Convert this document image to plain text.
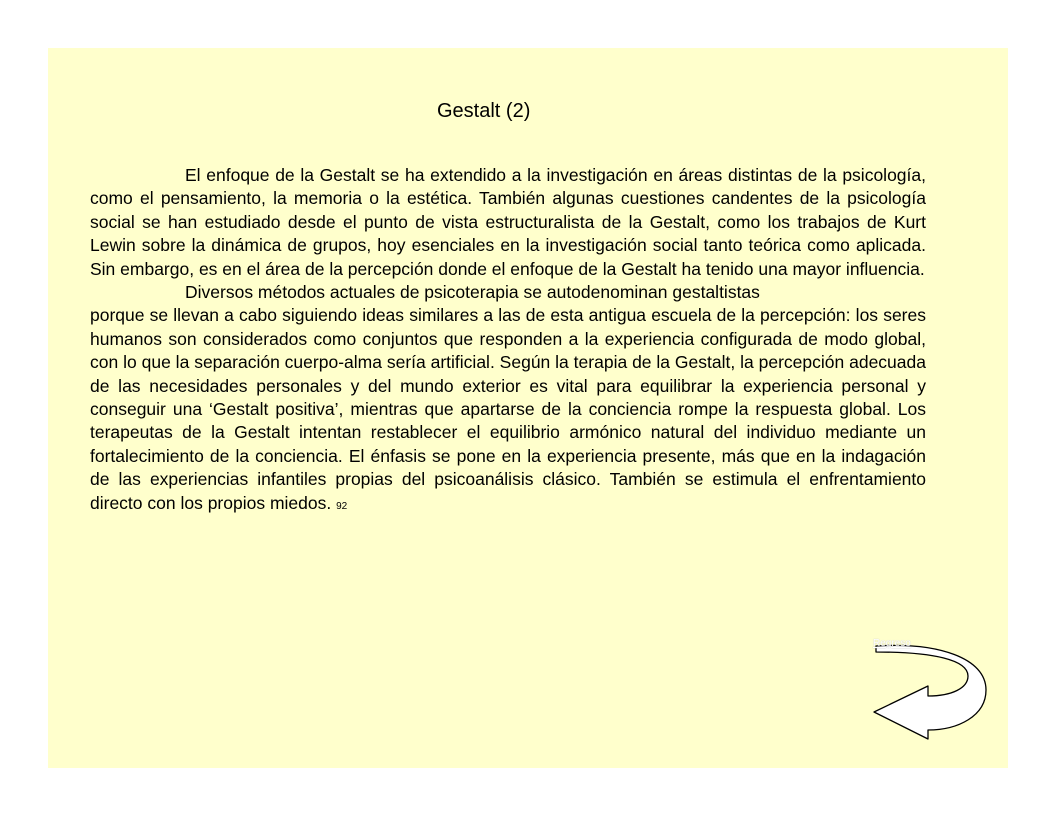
Gestalt (2)

El enfoque de la Gestalt se ha extendido a la investigación en áreas distintas de la psicología, como el pensamiento, la memoria o la estética. También algunas cuestiones candentes de la psicología social se han estudiado desde el punto de vista estructuralista de la Gestalt, como los trabajos de Kurt Lewin sobre la dinámica de grupos, hoy esenciales en la investigación social tanto teórica como aplicada. Sin embargo, es en el área de la percepción donde el enfoque de la Gestalt ha tenido una mayor influencia.

Diversos métodos actuales de psicoterapia se autodenominan gestaltistas

porque se llevan a cabo siguiendo ideas similares a las de esta antigua escuela de la percepción: los seres humanos son considerados como conjuntos que responden a la experiencia configurada de modo global, con lo que la separación cuerpo-alma sería artificial. Según la terapia de la Gestalt, la percepción adecuada de las necesidades personales y del mundo exterior es vital para equilibrar la experiencia personal y conseguir una ‘Gestalt positiva’, mientras que apartarse de la conciencia rompe la respuesta global. Los terapeutas de la Gestalt intentan restablecer el equilibrio armónico natural del individuo mediante un fortalecimiento de la conciencia. El énfasis se pone en la experiencia presente, más que en la indagación de las experiencias infantiles propias del psicoanálisis clásico. También se estimula el enfrentamiento directo con los propios miedos. 92

Regreso
